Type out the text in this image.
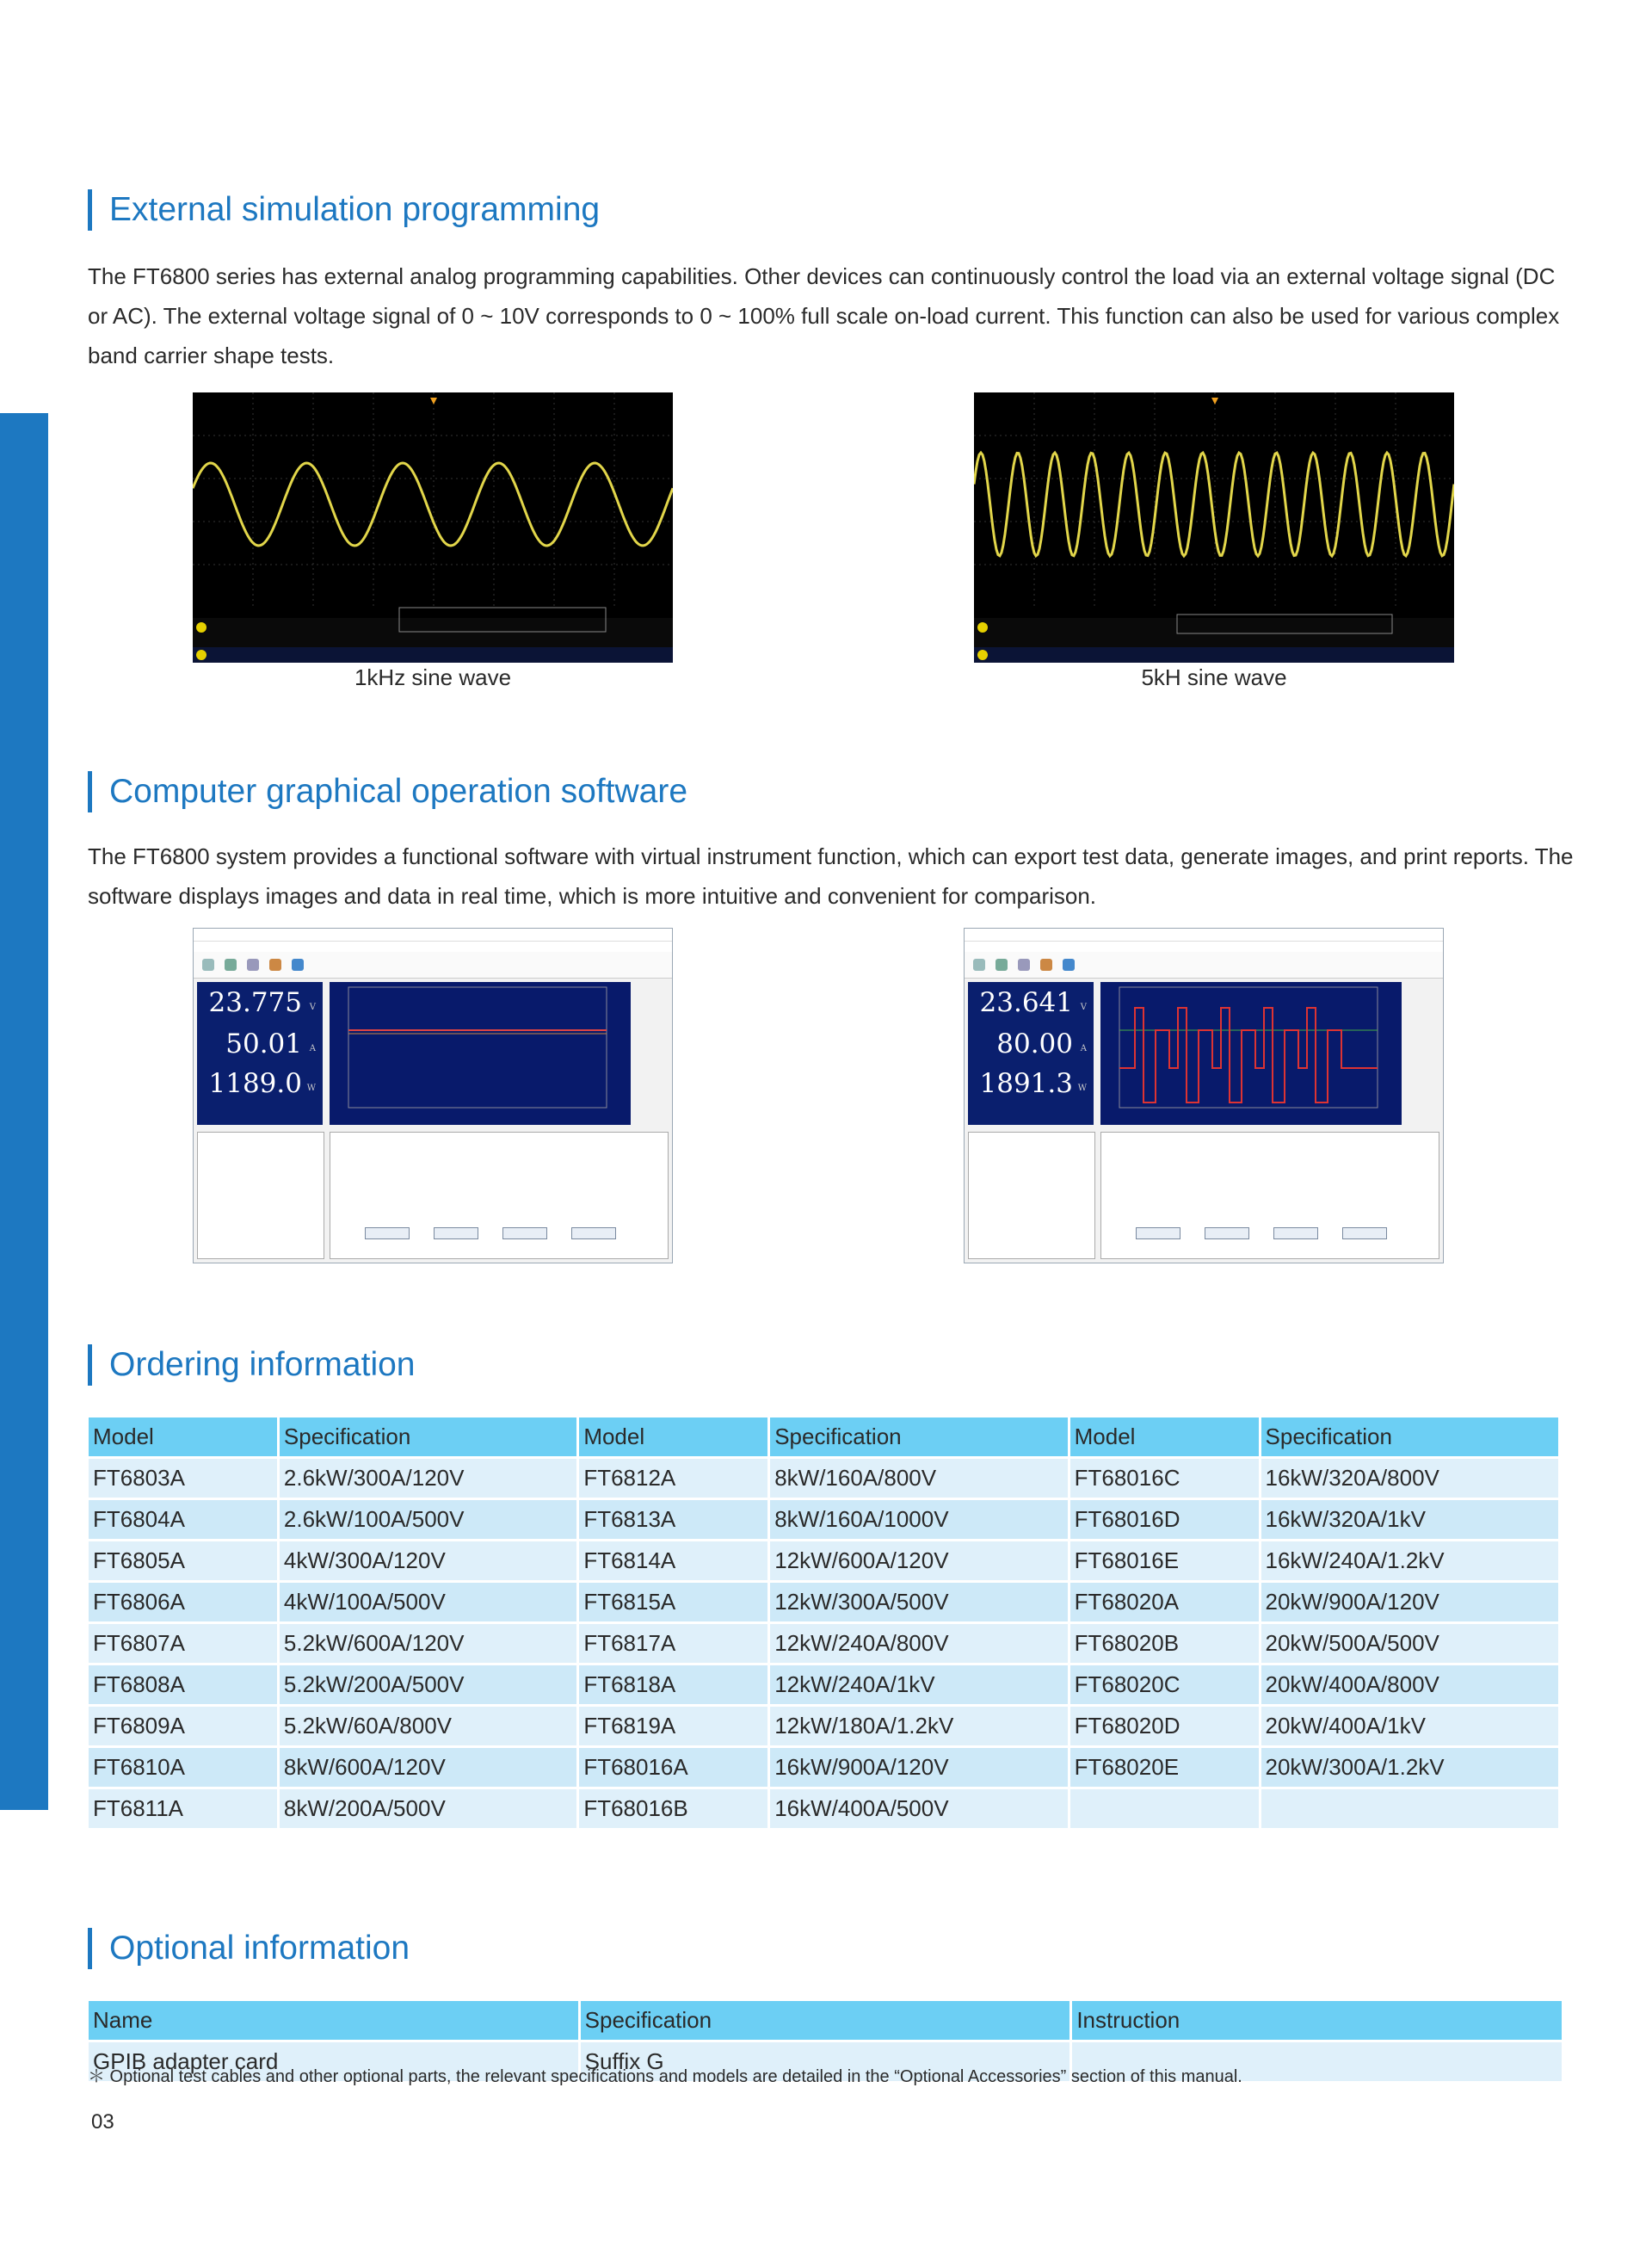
External simulation programming
The FT6800 series has external analog programming capabilities. Other devices can continuously control the load via an external voltage signal (DC or AC). The external voltage signal of 0 ~ 10V corresponds to 0 ~ 100% full scale on-load current. This function can also be used for various complex band carrier shape tests.
1kHz sine wave	5kH sine wave
Computer graphical operation software
The FT6800 system provides a functional software with virtual instrument function, which can export test data, generate images, and print reports. The software displays images and data in real time, which is more intuitive and convenient for comparison.
23.775 V
50.01 A
1189.0 W
23.641 V
80.00 A
1891.3 W
Ordering information
Model	Specification	Model	Specification	Model	Specification
FT6803A	2.6kW/300A/120V	FT6812A	8kW/160A/800V	FT68016C	16kW/320A/800V
FT6804A	2.6kW/100A/500V	FT6813A	8kW/160A/1000V	FT68016D	16kW/320A/1kV
FT6805A	4kW/300A/120V	FT6814A	12kW/600A/120V	FT68016E	16kW/240A/1.2kV
FT6806A	4kW/100A/500V	FT6815A	12kW/300A/500V	FT68020A	20kW/900A/120V
FT6807A	5.2kW/600A/120V	FT6817A	12kW/240A/800V	FT68020B	20kW/500A/500V
FT6808A	5.2kW/200A/500V	FT6818A	12kW/240A/1kV	FT68020C	20kW/400A/800V
FT6809A	5.2kW/60A/800V	FT6819A	12kW/180A/1.2kV	FT68020D	20kW/400A/1kV
FT6810A	8kW/600A/120V	FT68016A	16kW/900A/120V	FT68020E	20kW/300A/1.2kV
FT6811A	8kW/200A/500V	FT68016B	16kW/400A/500V		
Optional information
Name	Specification	Instruction
GPIB adapter card	Suffix G	
＊ Optional test cables and other optional parts, the relevant specifications and models are detailed in the “Optional Accessories” section of this manual.
03
